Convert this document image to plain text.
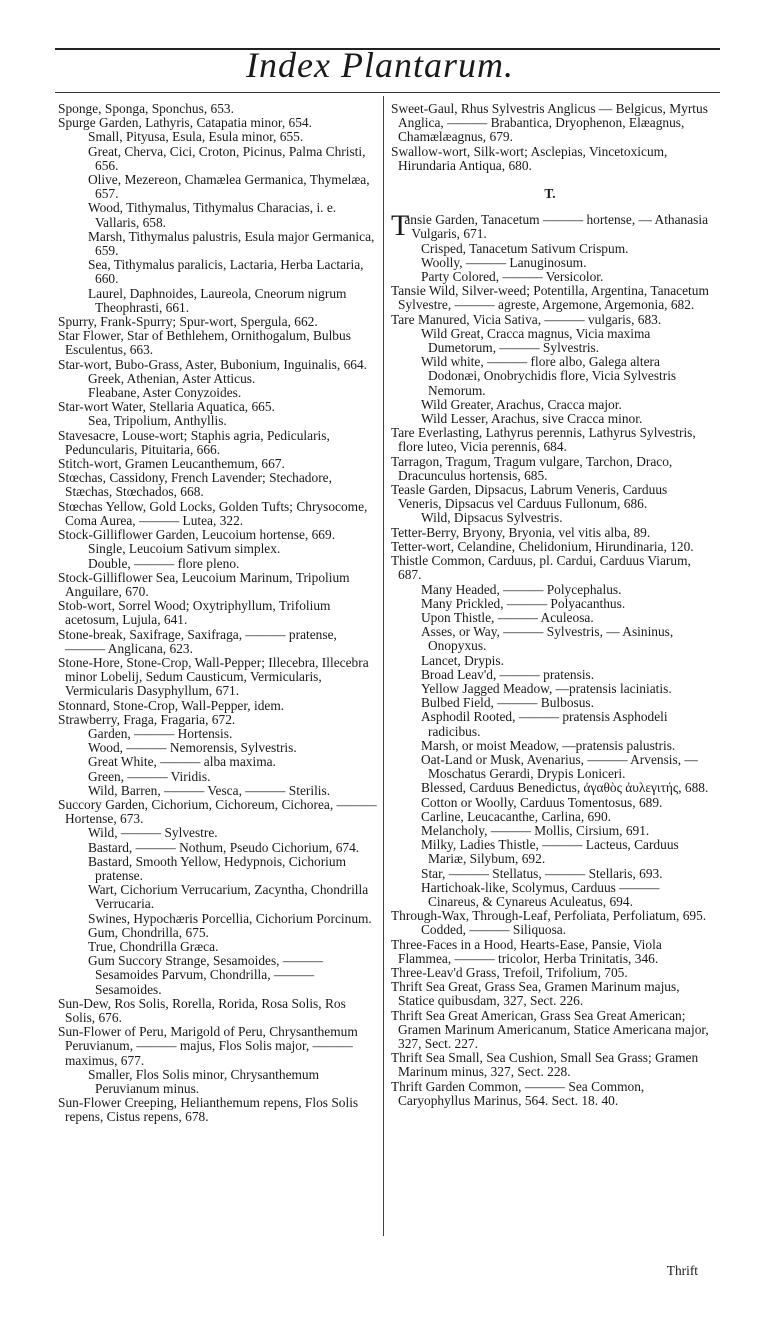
Index Plantarum.

Sponge, Sponga, Sponchus, 653.

Spurge Garden, Lathyris, Catapatia minor, 654.

Small, Pityusa, Esula, Esula minor, 655.

Great, Cherva, Cici, Croton, Picinus, Palma Christi, 656.

Olive, Mezereon, Chamælea Germanica, Thymelæa, 657.

Wood, Tithymalus, Tithymalus Characias, i. e. Vallaris, 658.

Marsh, Tithymalus palustris, Esula major Germanica, 659.

Sea, Tithymalus paralicis, Lactaria, Herba Lactaria, 660.

Laurel, Daphnoides, Laureola, Cneorum nigrum Theophrasti, 661.

Spurry, Frank-Spurry; Spur-wort, Spergula, 662.

Star Flower, Star of Bethlehem, Ornithogalum, Bulbus Esculentus, 663.

Star-wort, Bubo-Grass, Aster, Bubonium, Inguinalis, 664.

Greek, Athenian, Aster Atticus.

Fleabane, Aster Conyzoides.

Star-wort Water, Stellaria Aquatica, 665.

Sea, Tripolium, Anthyllis.

Stavesacre, Louse-wort; Staphis agria, Pedicularis, Peduncularis, Pituitaria, 666.

Stitch-wort, Gramen Leucanthemum, 667.

Stœchas, Cassidony, French Lavender; Stechadore, Stæchas, Stœchados, 668.

Stœchas Yellow, Gold Locks, Golden Tufts; Chrysocome, Coma Aurea, ——— Lutea, 322.

Stock-Gilliflower Garden, Leucoium hortense, 669.

Single, Leucoium Sativum simplex.

Double, ——— flore pleno.

Stock-Gilliflower Sea, Leucoium Marinum, Tripolium Anguilare, 670.

Stob-wort, Sorrel Wood; Oxytriphyllum, Trifolium acetosum, Lujula, 641.

Stone-break, Saxifrage, Saxifraga, ——— pratense, ——— Anglicana, 623.

Stone-Hore, Stone-Crop, Wall-Pepper; Illecebra, Illecebra minor Lobelij, Sedum Causticum, Vermicularis, Vermicularis Dasyphyllum, 671.

Stonnard, Stone-Crop, Wall-Pepper, idem.

Strawberry, Fraga, Fragaria, 672.

Garden, ——— Hortensis.

Wood, ——— Nemorensis, Sylvestris.

Great White, ——— alba maxima.

Green, ——— Viridis.

Wild, Barren, ——— Vesca, ——— Sterilis.

Succory Garden, Cichorium, Cichoreum, Cichorea, ——— Hortense, 673.

Wild, ——— Sylvestre.

Bastard, ——— Nothum, Pseudo Cichorium, 674.

Bastard, Smooth Yellow, Hedypnois, Cichorium pratense.

Wart, Cichorium Verrucarium, Zacyntha, Chondrilla Verrucaria.

Swines, Hypochæris Porcellia, Cichorium Porcinum.

Gum, Chondrilla, 675.

True, Chondrilla Græca.

Gum Succory Strange, Sesamoides, ——— Sesamoides Parvum, Chondrilla, ——— Sesamoides.

Sun-Dew, Ros Solis, Rorella, Rorida, Rosa Solis, Ros Solis, 676.

Sun-Flower of Peru, Marigold of Peru, Chrysanthemum Peruvianum, ——— majus, Flos Solis major, ——— maximus, 677.

Smaller, Flos Solis minor, Chrysanthemum Peruvianum minus.

Sun-Flower Creeping, Helianthemum repens, Flos Solis repens, Cistus repens, 678.

Sweet-Gaul, Rhus Sylvestris Anglicus — Belgicus, Myrtus Anglica, ——— Brabantica, Dryophenon, Elæagnus, Chamælæagnus, 679.

Swallow-wort, Silk-wort; Asclepias, Vincetoxicum, Hirundaria Antiqua, 680.

T.

Tansie Garden, Tanacetum ——— hortense, — Athanasia Vulgaris, 671.

Crisped, Tanacetum Sativum Crispum.

Woolly, ——— Lanuginosum.

Party Colored, ——— Versicolor.

Tansie Wild, Silver-weed; Potentilla, Argentina, Tanacetum Sylvestre, ——— agreste, Argemone, Argemonia, 682.

Tare Manured, Vicia Sativa, ——— vulgaris, 683.

Wild Great, Cracca magnus, Vicia maxima Dumetorum, ——— Sylvestris.

Wild white, ——— flore albo, Galega altera Dodonæi, Onobrychidis flore, Vicia Sylvestris Nemorum.

Wild Greater, Arachus, Cracca major.

Wild Lesser, Arachus, sive Cracca minor.

Tare Everlasting, Lathyrus perennis, Lathyrus Sylvestris, flore luteo, Vicia perennis, 684.

Tarragon, Tragum, Tragum vulgare, Tarchon, Draco, Dracunculus hortensis, 685.

Teasle Garden, Dipsacus, Labrum Veneris, Carduus Veneris, Dipsacus vel Carduus Fullonum, 686.

Wild, Dipsacus Sylvestris.

Tetter-Berry, Bryony, Bryonia, vel vitis alba, 89.

Tetter-wort, Celandine, Chelidonium, Hirundinaria, 120.

Thistle Common, Carduus, pl. Cardui, Carduus Viarum, 687.

Many Headed, ——— Polycephalus.

Many Prickled, ——— Polyacanthus.

Upon Thistle, ——— Aculeosa.

Asses, or Way, ——— Sylvestris, — Asininus, Onopyxus.

Lancet, Drypis.

Broad Leav'd, ——— pratensis.

Yellow Jagged Meadow, —pratensis laciniatis.

Bulbed Field, ——— Bulbosus.

Asphodil Rooted, ——— pratensis Asphodeli radicibus.

Marsh, or moist Meadow, —pratensis palustris.

Oat-Land or Musk, Avenarius, ——— Arvensis, — Moschatus Gerardi, Drypis Loniceri.

Blessed, Carduus Benedictus, ἀγαθὸς ἀυλεγιτής, 688.

Cotton or Woolly, Carduus Tomentosus, 689.

Carline, Leucacanthe, Carlina, 690.

Melancholy, ——— Mollis, Cirsium, 691.

Milky, Ladies Thistle, ——— Lacteus, Carduus Mariæ, Silybum, 692.

Star, ——— Stellatus, ——— Stellaris, 693.

Hartichoak-like, Scolymus, Carduus ——— Cinareus, & Cynareus Aculeatus, 694.

Through-Wax, Through-Leaf, Perfoliata, Perfoliatum, 695.

Codded, ——— Siliquosa.

Three-Faces in a Hood, Hearts-Ease, Pansie, Viola Flammea, ——— tricolor, Herba Trinitatis, 346.

Three-Leav'd Grass, Trefoil, Trifolium, 705.

Thrift Sea Great, Grass Sea, Gramen Marinum majus, Statice quibusdam, 327, Sect. 226.

Thrift Sea Great American, Grass Sea Great American; Gramen Marinum Americanum, Statice Americana major, 327, Sect. 227.

Thrift Sea Small, Sea Cushion, Small Sea Grass; Gramen Marinum minus, 327, Sect. 228.

Thrift Garden Common, ——— Sea Common, Caryophyllus Marinus, 564. Sect. 18. 40.

Thrift
